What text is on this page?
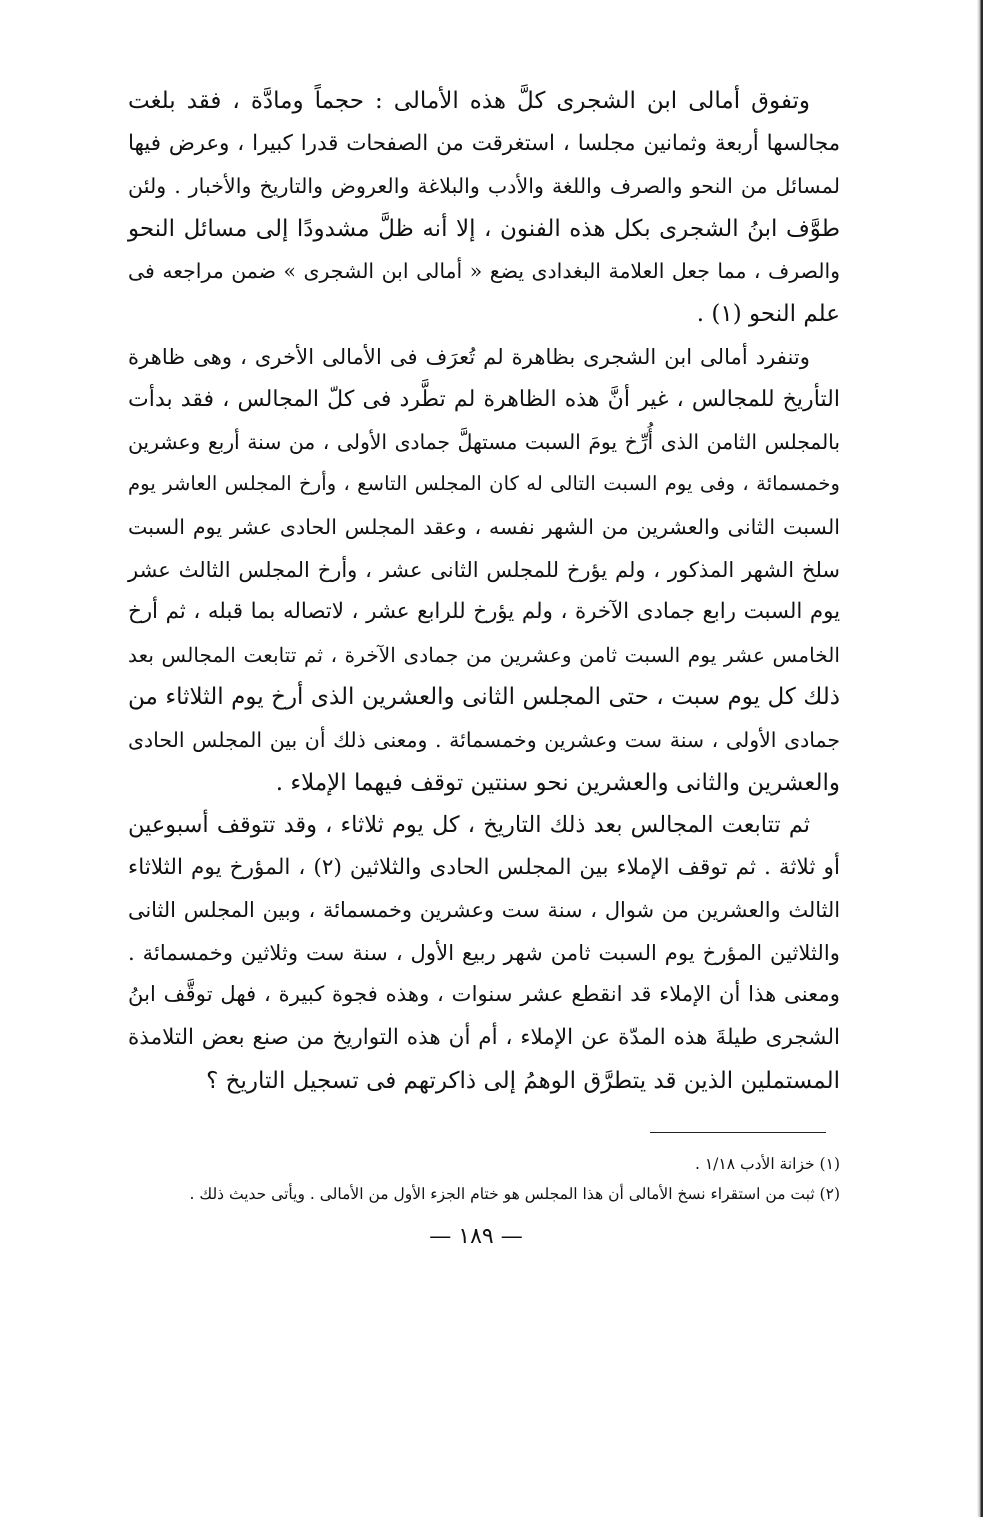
وتفوق أمالى ابن الشجرى كلَّ هذه الأمالى : حجماً ومادَّة ، فقد بلغت
مجالسها أربعة وثمانين مجلسا ، استغرقت من الصفحات قدرا كبيرا ، وعرض فيها
لمسائل من النحو والصرف واللغة والأدب والبلاغة والعروض والتاريخ والأخبار . ولئن
طوَّف ابنُ الشجرى بكل هذه الفنون ، إلا أنه ظلَّ مشدودًا إلى مسائل النحو
والصرف ، مما جعل العلامة البغدادى يضع « أمالى ابن الشجرى » ضمن مراجعه فى
علم النحو (١) .
وتنفرد أمالى ابن الشجرى بظاهرة لم تُعرَف فى الأمالى الأخرى ، وهى ظاهرة
التأريخ للمجالس ، غير أنَّ هذه الظاهرة لم تطَّرد فى كلّ المجالس ، فقد بدأت
بالمجلس الثامن الذى أُرِّخ يومَ السبت مستهلَّ جمادى الأولى ، من سنة أربع وعشرين
وخمسمائة ، وفى يوم السبت التالى له كان المجلس التاسع ، وأرخ المجلس العاشر يوم
السبت الثانى والعشرين من الشهر نفسه ، وعقد المجلس الحادى عشر يوم السبت
سلخ الشهر المذكور ، ولم يؤرخ للمجلس الثانى عشر ، وأرخ المجلس الثالث عشر
يوم السبت رابع جمادى الآخرة ، ولم يؤرخ للرابع عشر ، لاتصاله بما قبله ، ثم أرخ
الخامس عشر يوم السبت ثامن وعشرين من جمادى الآخرة ، ثم تتابعت المجالس بعد
ذلك كل يوم سبت ، حتى المجلس الثانى والعشرين الذى أرخ يوم الثلاثاء من
جمادى الأولى ، سنة ست وعشرين وخمسمائة . ومعنى ذلك أن بين المجلس الحادى
والعشرين والثانى والعشرين نحو سنتين توقف فيهما الإملاء .
ثم تتابعت المجالس بعد ذلك التاريخ ، كل يوم ثلاثاء ، وقد تتوقف أسبوعين
أو ثلاثة . ثم توقف الإملاء بين المجلس الحادى والثلاثين (٢) ، المؤرخ يوم الثلاثاء
الثالث والعشرين من شوال ، سنة ست وعشرين وخمسمائة ، وبين المجلس الثانى
والثلاثين المؤرخ يوم السبت ثامن شهر ربيع الأول ، سنة ست وثلاثين وخمسمائة .
ومعنى هذا أن الإملاء قد انقطع عشر سنوات ، وهذه فجوة كبيرة ، فهل توقَّف ابنُ
الشجرى طيلةَ هذه المدّة عن الإملاء ، أم أن هذه التواريخ من صنع بعض التلامذة
المستملين الذين قد يتطرَّق الوهمُ إلى ذاكرتهم فى تسجيل التاريخ ؟
(١) خزانة الأدب ١/١٨ .
(٢) ثبت من استقراء نسخ الأمالى أن هذا المجلس هو ختام الجزء الأول من الأمالى . ويأتى حديث ذلك .
— ١٨٩ —
